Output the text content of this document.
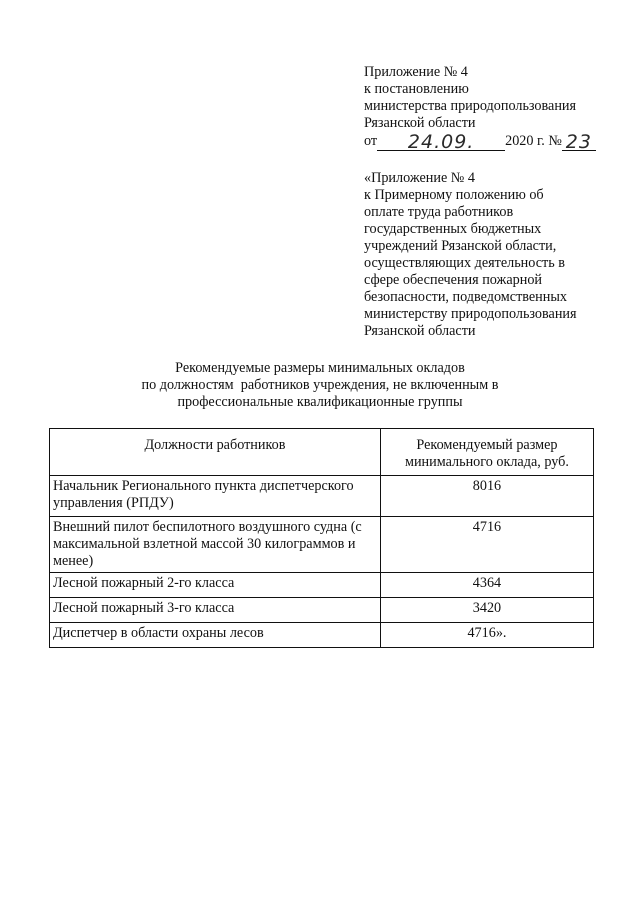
Приложение № 4
к постановлению
министерства природопользования
Рязанской области
от 24.09. 2020 г. № 23
«Приложение № 4
к Примерному положению об
оплате труда работников
государственных бюджетных
учреждений Рязанской области,
осуществляющих деятельность в
сфере обеспечения пожарной
безопасности, подведомственных
министерству природопользования
Рязанской области
Рекомендуемые размеры минимальных окладов
по должностям  работников учреждения, не включенным в
профессиональные квалификационные группы
Должности работников	Рекомендуемый размер минимального оклада, руб.
Начальник Регионального пункта диспетчерского управления (РПДУ)	8016
Внешний пилот беспилотного воздушного судна (с максимальной взлетной массой 30 килограммов и менее)	4716
Лесной пожарный 2-го класса	4364
Лесной пожарный 3-го класса	3420
Диспетчер в области охраны лесов	4716».
